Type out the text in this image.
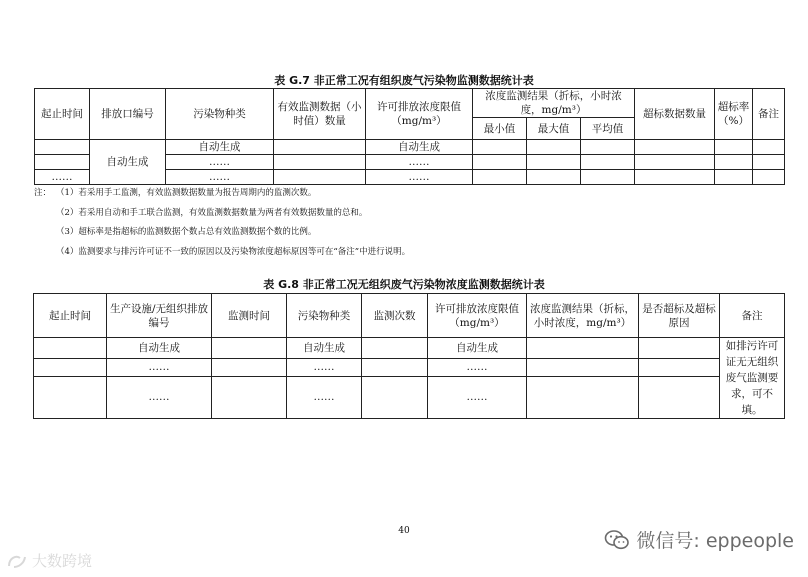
表 G.7 非正常工况有组织废气污染物监测数据统计表
起止时间	排放口编号	污染物种类	有效监测数据（小时值）数量	许可排放浓度限值（mg/m³）	浓度监测结果（折标，小时浓度，mg/m³）			超标数据数量	超标率（%）	备注
					最小值	最大值	平均值			
	自动生成	自动生成		自动生成						
		……		……						
……		……		……						
注： （1）若采用手工监测，有效监测数据数量为报告周期内的监测次数。
（2）若采用自动和手工联合监测，有效监测数据数量为两者有效数据数量的总和。
（3）超标率是指超标的监测数据个数占总有效监测数据个数的比例。
（4）监测要求与排污许可证不一致的原因以及污染物浓度超标原因等可在“备注”中进行说明。
表 G.8 非正常工况无组织废气污染物浓度监测数据统计表
起止时间	生产设施/无组织排放编号	监测时间	污染物种类	监测次数	许可排放浓度限值（mg/m³）	浓度监测结果（折标，小时浓度，mg/m³）	是否超标及超标原因	备注
	自动生成		自动生成		自动生成			如排污许可证无无组织废气监测要求，可不填。
	……		……		……			
	……		……		……			
40	微信号: eppeople
大数跨境
